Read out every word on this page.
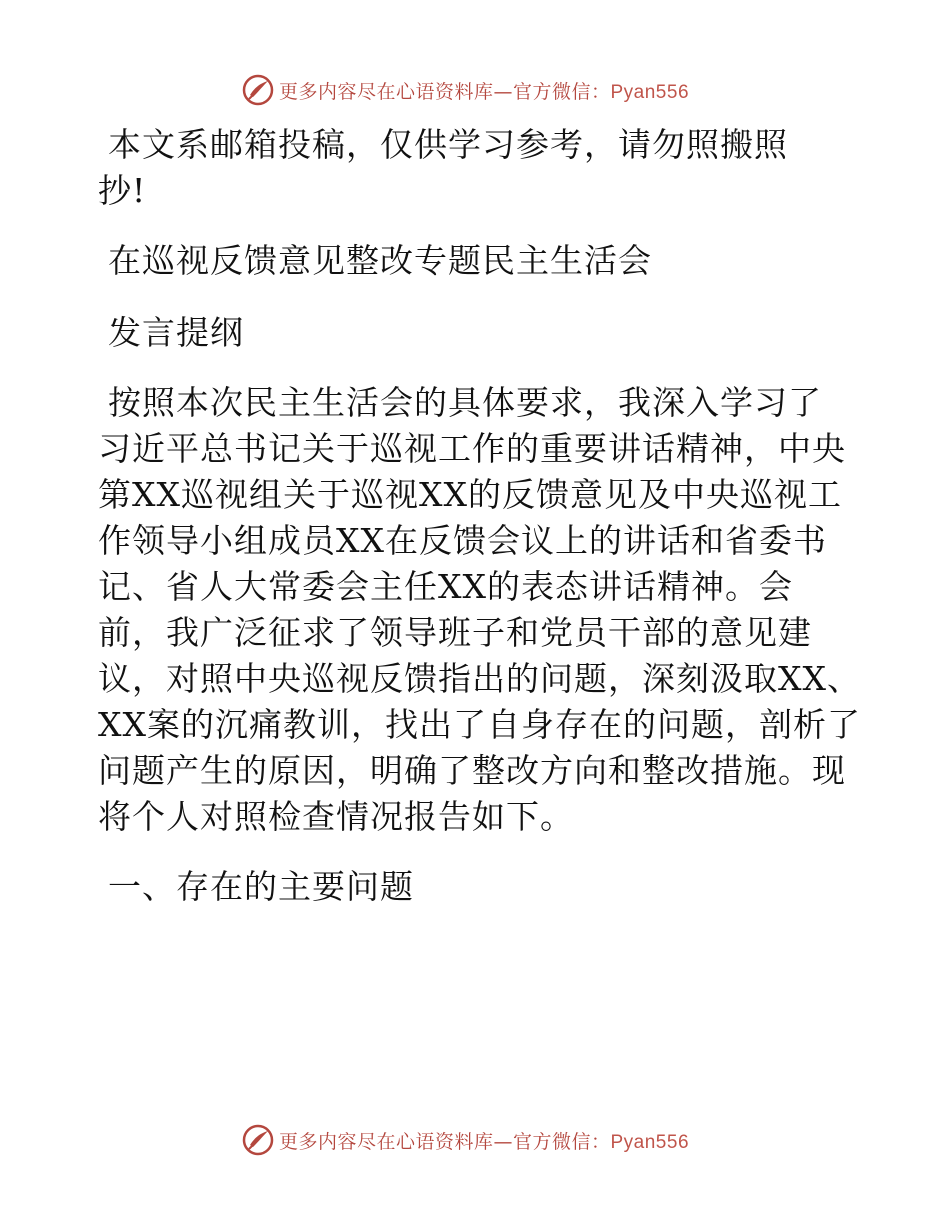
更多内容尽在心语资料库—官方微信：Pyan556
本文系邮箱投稿，仅供学习参考，请勿照搬照
抄!
在巡视反馈意见整改专题民主生活会
发言提纲
按照本次民主生活会的具体要求，我深入学习了
习近平总书记关于巡视工作的重要讲话精神，中央
第XX巡视组关于巡视XX的反馈意见及中央巡视工
作领导小组成员XX在反馈会议上的讲话和省委书
记、省人大常委会主任XX的表态讲话精神。会
前，我广泛征求了领导班子和党员干部的意见建
议，对照中央巡视反馈指出的问题，深刻汲取XX、
XX案的沉痛教训，找出了自身存在的问题，剖析了
问题产生的原因，明确了整改方向和整改措施。现
将个人对照检查情况报告如下。
一、存在的主要问题
更多内容尽在心语资料库—官方微信：Pyan556
